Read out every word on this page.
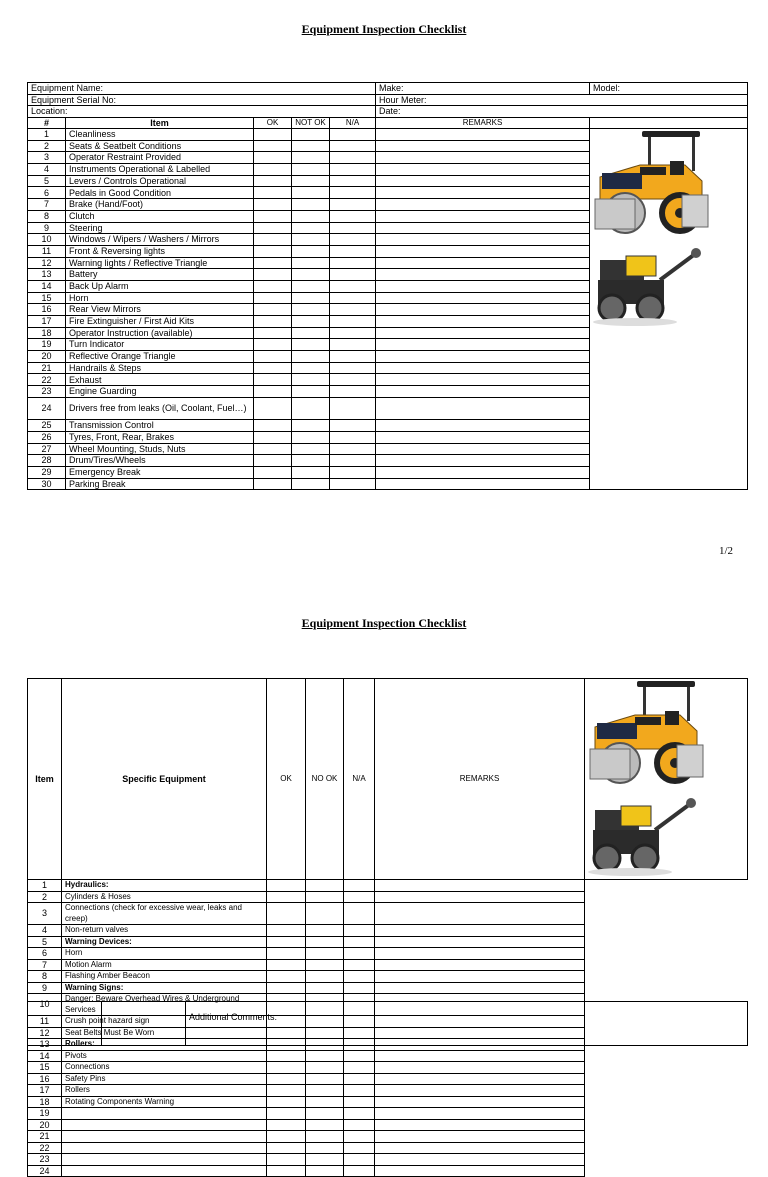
Equipment Inspection Checklist
Equipment Name: Make:						Model:

Equipment Serial No: Hour Meter:						

Location: Date:						

#	Item	OK	NOT OK	N/A	REMARKS	
1	Cleanliness					
2	Seats & Seatbelt Conditions					
3	Operator Restraint Provided					
4	Instruments Operational & Labelled					
5	Levers / Controls Operational					
6	Pedals in Good Condition					
7	Brake (Hand/Foot)					
8	Clutch					
9	Steering					
10	Windows / Wipers / Washers / Mirrors					
11	Front & Reversing lights					
12	Warning lights / Reflective Triangle					
13	Battery					
14	Back Up Alarm					
15	Horn					
16	Rear View Mirrors					
17	Fire Extinguisher / First Aid Kits					
18	Operator Instruction (available)					
19	Turn Indicator					
20	Reflective Orange Triangle					
21	Handrails & Steps					
22	Exhaust					
23	Engine Guarding					
24	Drivers free from leaks (Oil, Coolant, Fuel…)					
25	Transmission Control					
26	Tyres, Front, Rear, Brakes					
27	Wheel Mounting, Studs, Nuts					
28	Drum/Tires/Wheels					
29	Emergency Break					
30	Parking Break					
1/2
Equipment Inspection Checklist
Item	Specific Equipment	OK	NO OK	N/A	REMARKS	
1	Hydraulics:					
2	Cylinders & Hoses					
3	Connections (check for excessive wear, leaks and creep)					
4	Non-return valves					
5	Warning Devices:					
6	Horn					
7	Motion Alarm					
8	Flashing Amber Beacon					
9	Warning Signs:					
10	Danger: Beware Overhead Wires & Underground Services					
11	Crush point hazard sign					
12	Seat Belts Must Be Worn					
13	Rollers:					
14	Pivots					
15	Connections					
16	Safety Pins					
17	Rollers					
18	Rotating Components Warning					
19						
20						
21						
22						
23						
24						
		Additional Comments:
